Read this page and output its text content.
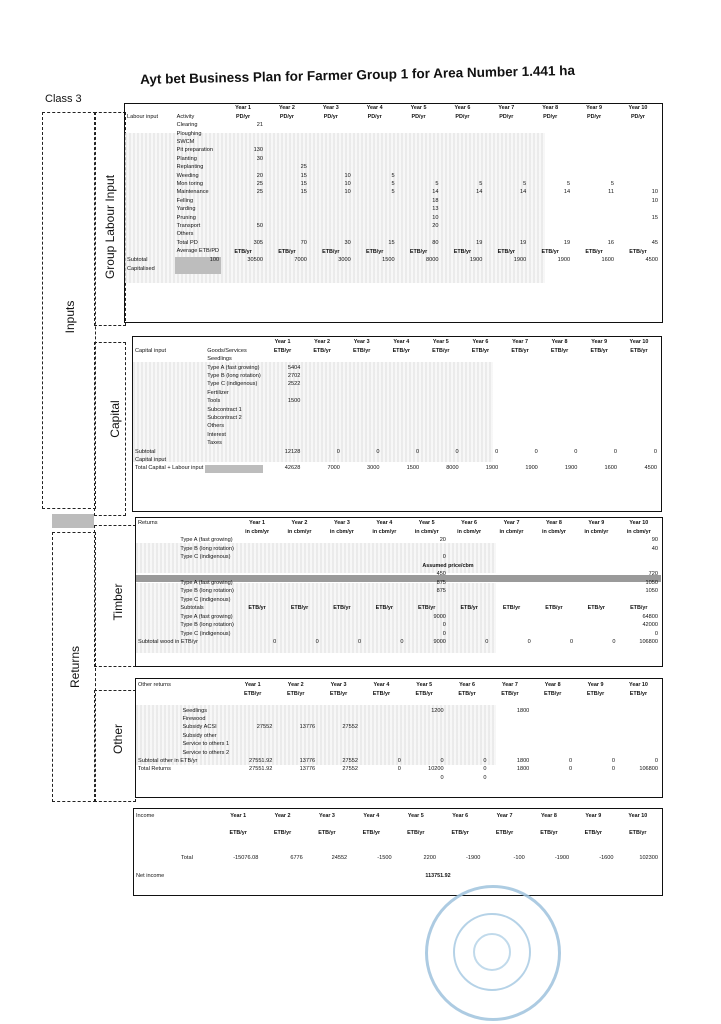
Ayt bet Business Plan for Farmer Group 1 for Area Number 1.441 ha
Class 3
Inputs
Group Labour Input
Capital
Returns
Timber
Other
		Year 1	Year 2	Year 3	Year 4	Year 5	Year 6	Year 7	Year 8	Year 9	Year 10
Labour input	Activity	PD/yr	PD/yr	PD/yr	PD/yr	PD/yr	PD/yr	PD/yr	PD/yr	PD/yr	PD/yr
	Clearing	21									
	Ploughing										
	SWCM										
	Pit preparation	130									
	Planting	30									
	Replanting		25								
	Weeding	20	15	10	5						
	Mon toring	25	15	10	5	5	5	5	5	5	
	Maintenance	25	15	10	5	14	14	14	14	11	10
	Felling					18					10
	Yarding					13					
	Pruning					10					15
	Transport	50				20					
	Others										
	Total PD	305	70	30	15	80	19	19	19	16	45
	Average ETB/PD	ETB/yr	ETB/yr	ETB/yr	ETB/yr	ETB/yr	ETB/yr	ETB/yr	ETB/yr	ETB/yr	ETB/yr
Subtotal	100	30500	7000	3000	1500	8000	1900	1900	1900	1600	4500
Capitalised											
		Year 1	Year 2	Year 3	Year 4	Year 5	Year 6	Year 7	Year 8	Year 9	Year 10
Capital input	Goods/Services	ETB/yr	ETB/yr	ETB/yr	ETB/yr	ETB/yr	ETB/yr	ETB/yr	ETB/yr	ETB/yr	ETB/yr
	Seedlings										
	Type A (fast growing)	5404									
	Type B (long rotation)	2702									
	Type C (indigenous)	2522									
	Fertilizer										
	Tools	1500									
	Subcontract 1										
	Subcontract 2										
	Others										
	Interest										
	Taxes										
Subtotal		12128	0	0	0	0	0	0	0	0	0
Capital input											
Total Capital + Labour input		42628	7000	3000	1500	8000	1900	1900	1900	1600	4500
Returns		Year 1	Year 2	Year 3	Year 4	Year 5	Year 6	Year 7	Year 8	Year 9	Year 10
		in cbm/yr	in cbm/yr	in cbm/yr	in cbm/yr	in cbm/yr	in cbm/yr	in cbm/yr	in cbm/yr	in cbm/yr	in cbm/yr
	Type A (fast growing)					20					90
	Type B (long rotation)										40
	Type C (indigenous)					0					
		Assumed price/cbm									
						450					720
	Type A (fast growing)					875					1050
	Type B (long rotation)					875					1050
	Type C (indigenous)										
	Subtotals	ETB/yr	ETB/yr	ETB/yr	ETB/yr	ETB/yr	ETB/yr	ETB/yr	ETB/yr	ETB/yr	ETB/yr
	Type A (fast growing)					9000					64800
	Type B (long rotation)					0					42000
	Type C (indigenous)					0					0
Subtotal wood in ETB/yr		0	0	0	0	9000	0	0	0	0	106800
Other returns		Year 1	Year 2	Year 3	Year 4	Year 5	Year 6	Year 7	Year 8	Year 9	Year 10
		ETB/yr	ETB/yr	ETB/yr	ETB/yr	ETB/yr	ETB/yr	ETB/yr	ETB/yr	ETB/yr	ETB/yr

	Seedlings					1200		1800			
	Firewood										
	Subsidy ACSI	27552	13776	27552							
	Subsidy other										
	Service to others 1										
	Service to others 2										
Subtotal other in ETB/yr		27551.92	13776	27552	0	0	0	1800	0	0	0
Total Returns		27551.92	13776	27552	0	10200	0	1800	0	0	106800
						0	0				
Income		Year 1	Year 2	Year 3	Year 4	Year 5	Year 6	Year 7	Year 8	Year 9	Year 10

		ETB/yr	ETB/yr	ETB/yr	ETB/yr	ETB/yr	ETB/yr	ETB/yr	ETB/yr	ETB/yr	ETB/yr

	Total	-15076.08	6776	24552	-1500	2200	-1900	-100	-1900	-1600	102300

Net income		113751.92									
